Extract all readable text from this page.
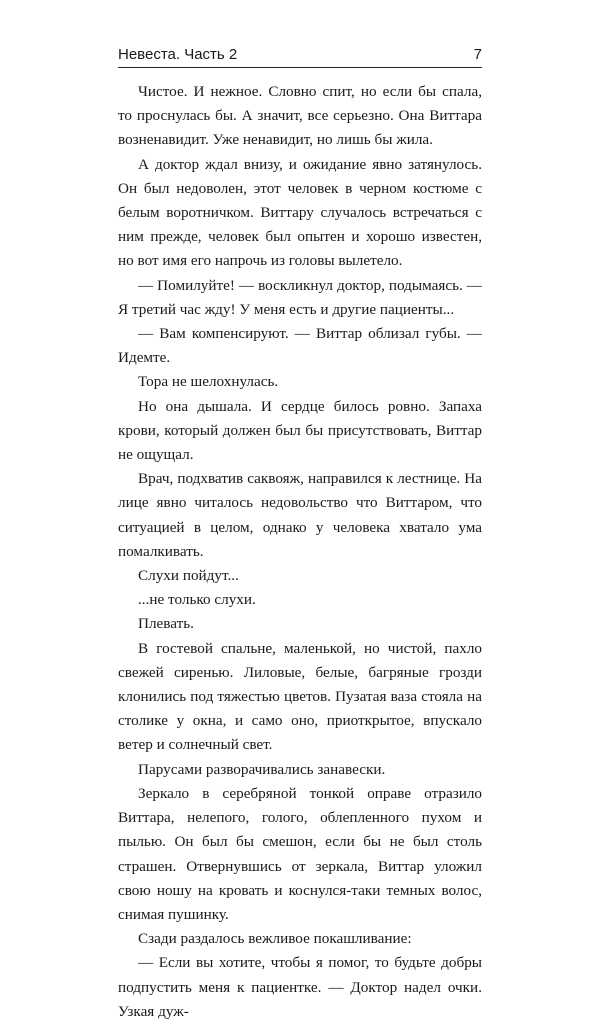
Невеста. Часть 2	7

Чистое. И нежное. Словно спит, но если бы спала, то проснулась бы. А значит, все серьезно. Она Виттара возненавидит. Уже ненавидит, но лишь бы жила.

А доктор ждал внизу, и ожидание явно затянулось. Он был недоволен, этот человек в черном костюме с белым воротничком. Виттару случалось встречаться с ним прежде, человек был опытен и хорошо известен, но вот имя его напрочь из головы вылетело.

— Помилуйте! — воскликнул доктор, подымаясь. — Я третий час жду! У меня есть и другие пациенты...

— Вам компенсируют. — Виттар облизал губы. — Идемте.

Тора не шелохнулась.

Но она дышала. И сердце билось ровно. Запаха крови, который должен был бы присутствовать, Виттар не ощущал.

Врач, подхватив саквояж, направился к лестнице. На лице явно читалось недовольство что Виттаром, что ситуацией в целом, однако у человека хватало ума помалкивать.

Слухи пойдут...

...не только слухи.

Плевать.

В гостевой спальне, маленькой, но чистой, пахло свежей сиренью. Лиловые, белые, багряные грозди клонились под тяжестью цветов. Пузатая ваза стояла на столике у окна, и само оно, приоткрытое, впускало ветер и солнечный свет.

Парусами разворачивались занавески.

Зеркало в серебряной тонкой оправе отразило Виттара, нелепого, голого, облепленного пухом и пылью. Он был бы смешон, если бы не был столь страшен. Отвернувшись от зеркала, Виттар уложил свою ношу на кровать и коснулся-таки темных волос, снимая пушинку.

Сзади раздалось вежливое покашливание:

— Если вы хотите, чтобы я помог, то будьте добры подпустить меня к пациентке. — Доктор надел очки. Узкая дуж-
